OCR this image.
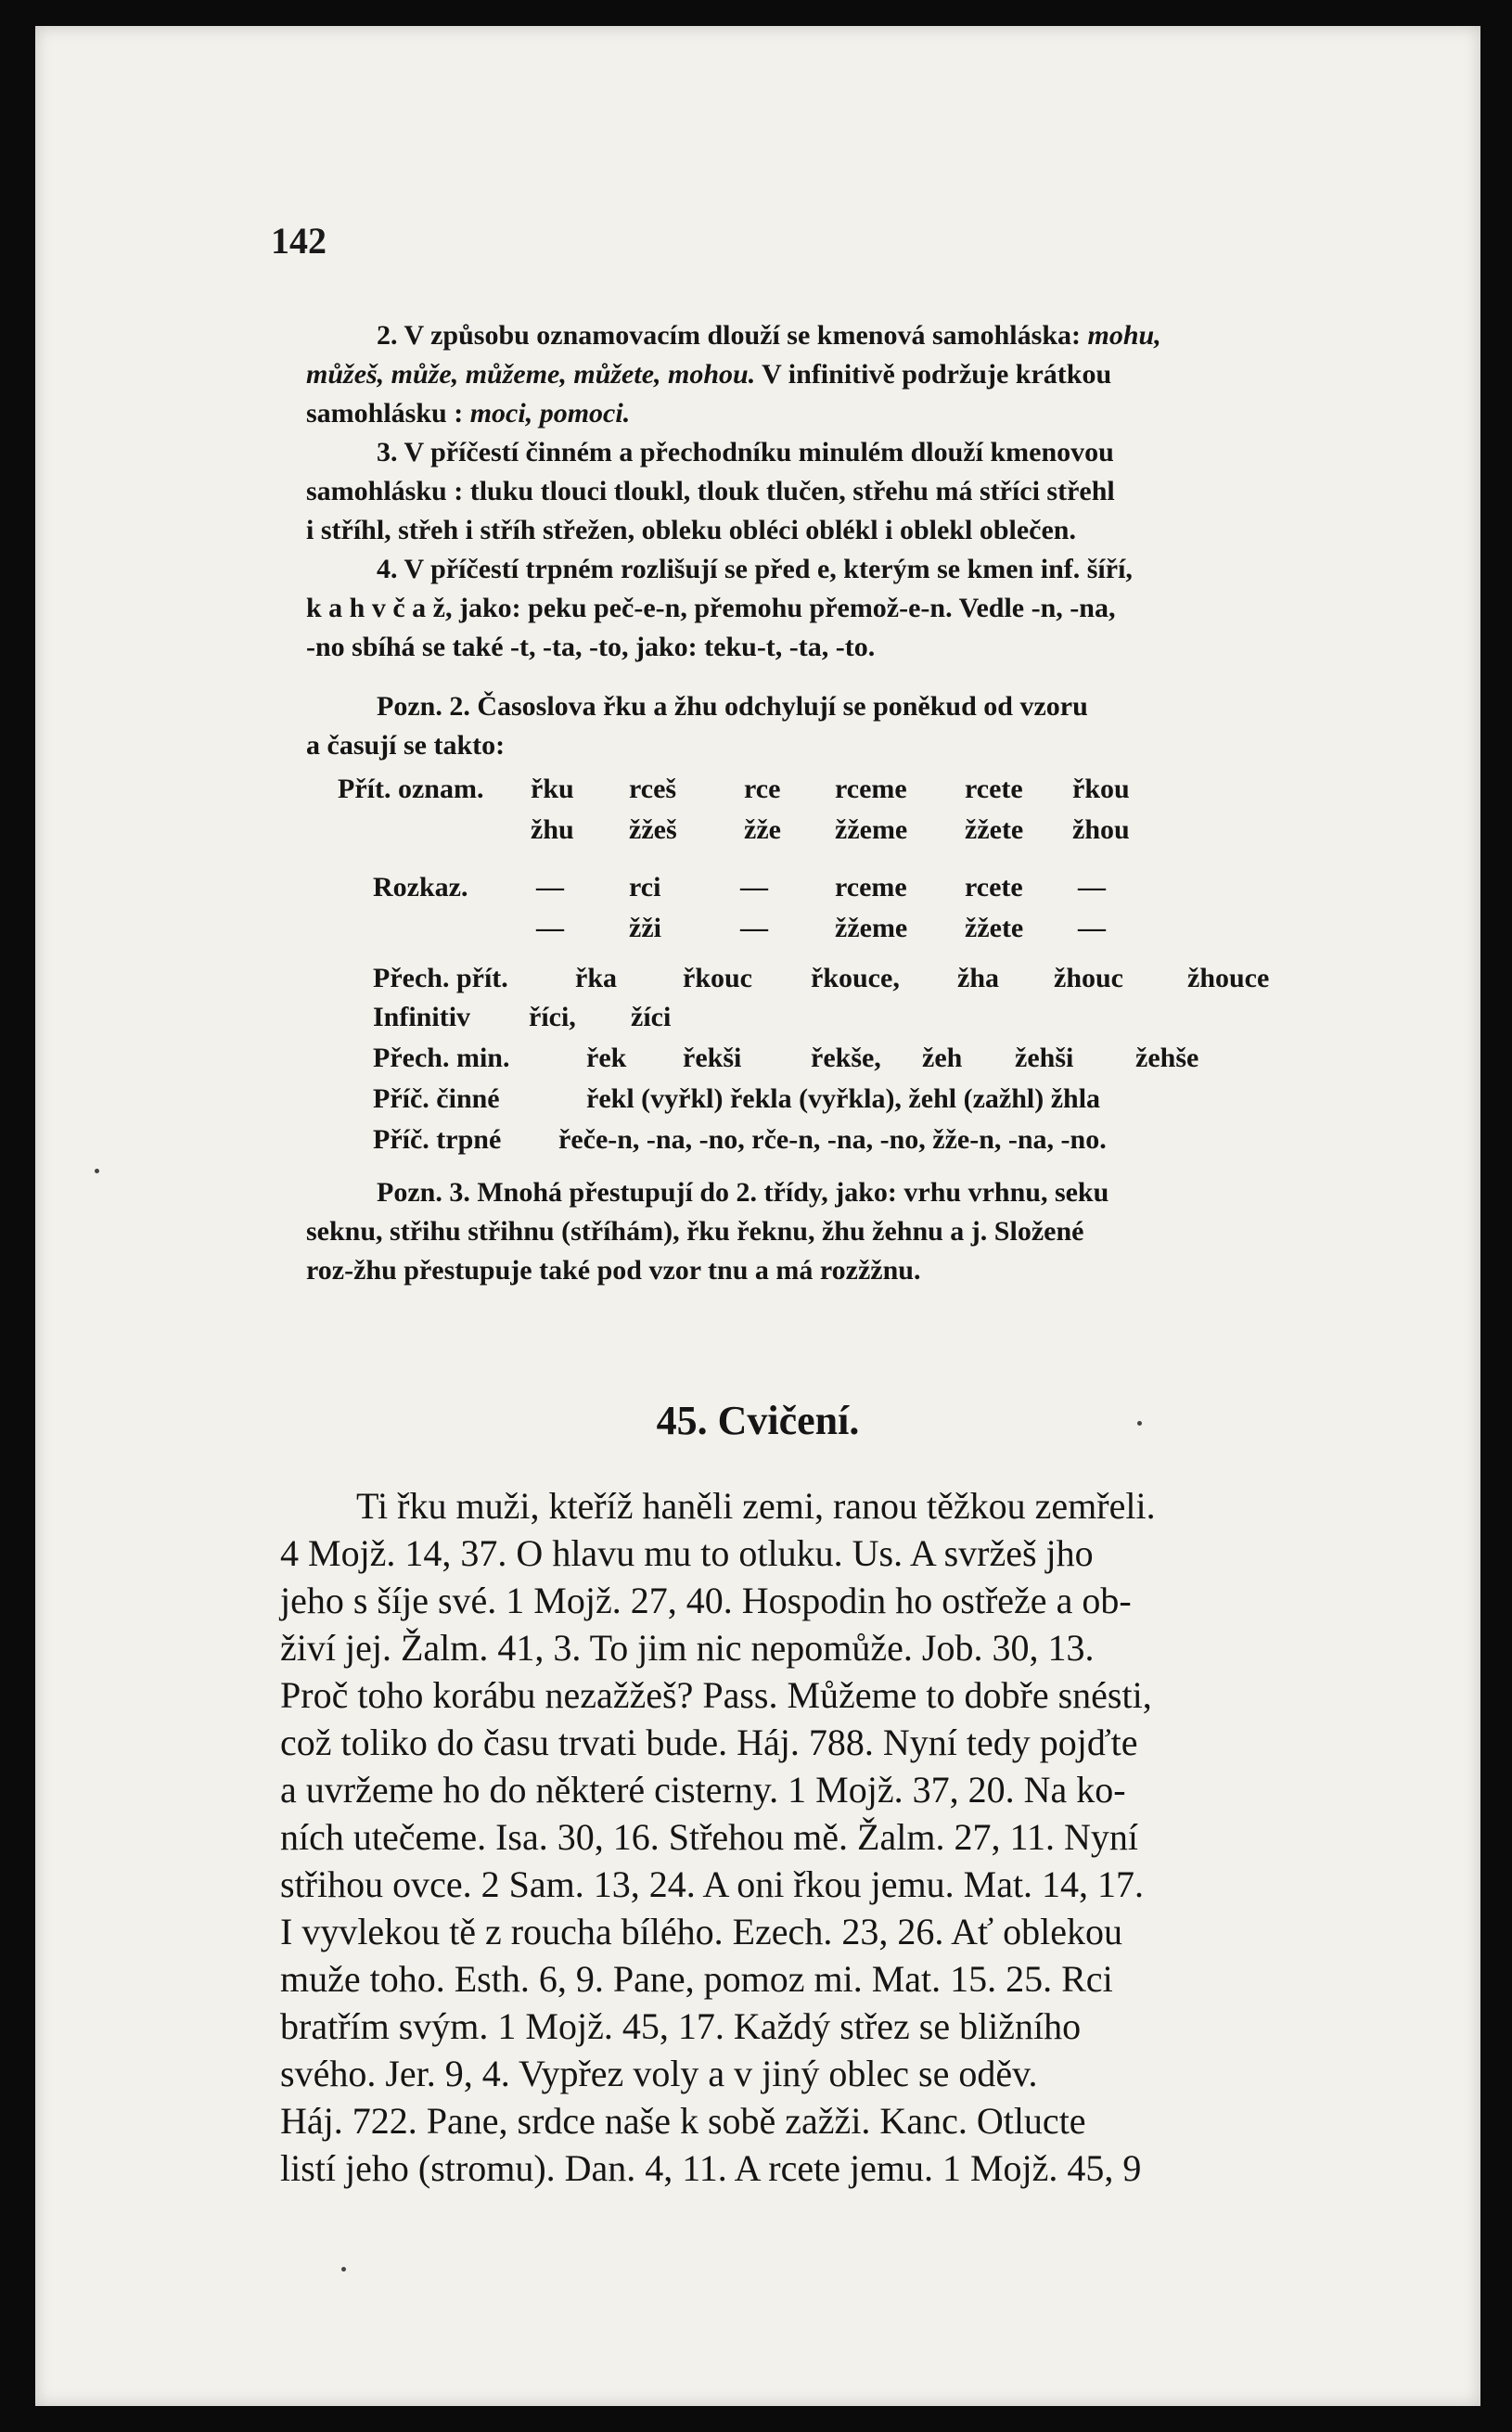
142

2. V způsobu oznamovacím dlouží se kmenová samohláska: mohu,

můžeš, může, můžeme, můžete, mohou. V infinitivě podržuje krátkou

samohlásku : moci, pomoci.

3. V příčestí činném a přechodníku minulém dlouží kmenovou

samohlásku : tluku tlouci tloukl, tlouk tlučen, střehu má stříci střehl

i stříhl, střeh i stříh střežen, obleku obléci oblékl i oblekl oblečen.

4. V příčestí trpném rozlišují se před e, kterým se kmen inf. šíří,

k a h v č a ž, jako: peku peč-e-n, přemohu přemož-e-n. Vedle -n, -na,

-no sbíhá se také -t, -ta, -to, jako: teku-t, -ta, -to.

Pozn. 2. Časoslova řku a žhu odchylují se poněkud od vzoru

a časují se takto:

Přít. oznam. řku rceš rce rceme rcete řkou

žhu žžeš žže žžeme žžete žhou

Rozkaz. — rci	— rceme rcete —

— žži	— žžeme žžete —

Přech. přít. řka řkouc řkouce, žha žhouc žhouce

Infinitiv říci, žíci

Přech. min.	řek řekši řekše, žeh žehši žehše

Příč. činné	řekl (vyřkl) řekla (vyřkla), žehl (zažhl) žhla

Příč. trpné řeče-n, -na, -no, rče-n, -na, -no, žže-n, -na, -no.

Pozn. 3. Mnohá přestupují do 2. třídy, jako: vrhu vrhnu, seku

seknu, střihu střihnu (stříhám), řku řeknu, žhu žehnu a j. Složené

roz-žhu přestupuje také pod vzor tnu a má rozžžnu.

45. Cvičení.

Ti řku muži, kteříž haněli zemi, ranou těžkou zemřeli.

4 Mojž. 14, 37. O hlavu mu to otluku. Us. A svržeš jho

jeho s šíje své. 1 Mojž. 27, 40. Hospodin ho ostřeže a ob-

živí jej. Žalm. 41, 3. To jim nic nepomůže. Job. 30, 13.

Proč toho korábu nezažžeš? Pass. Můžeme to dobře snésti,

což toliko do času trvati bude. Háj. 788. Nyní tedy pojďte

a uvržeme ho do některé cisterny. 1 Mojž. 37, 20. Na ko-

ních utečeme. Isa. 30, 16. Střehou mě. Žalm. 27, 11. Nyní

střihou ovce. 2 Sam. 13, 24. A oni řkou jemu. Mat. 14, 17.

I vyvlekou tě z roucha bílého. Ezech. 23, 26. Ať oblekou

muže toho. Esth. 6, 9. Pane, pomoz mi. Mat. 15. 25. Rci

bratřím svým. 1 Mojž. 45, 17. Každý střez se bližního

svého. Jer. 9, 4. Vypřez voly a v jiný oblec se oděv.

Háj. 722. Pane, srdce naše k sobě zažži. Kanc. Otlucte

listí jeho (stromu). Dan. 4, 11. A rcete jemu. 1 Mojž. 45, 9
